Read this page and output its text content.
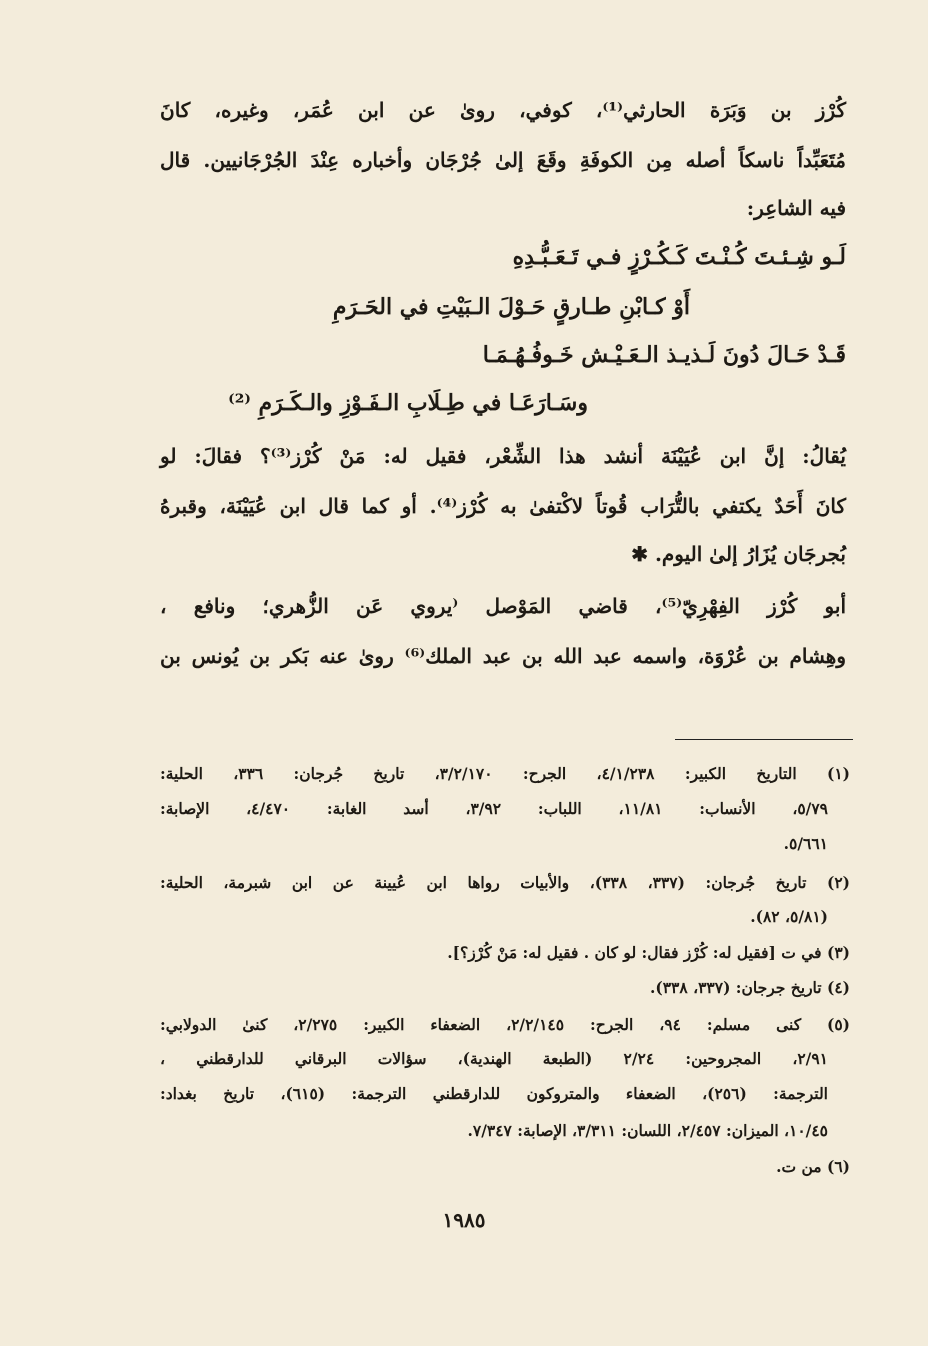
كُرْز بن وَبَرَة الحارثي⁽¹⁾، كوفي، روىٰ عن ابن عُمَر، وغيره، كانَ
مُتَعَبِّداً ناسكاً أصله مِن الكوفَةِ وقَعَ إلىٰ جُرْجَان وأخباره عِنْدَ الجُرْجَانيين. قال
فيه الشاعِر:
لَـو شِـئـتَ كُـنْـتَ كَـكُـرْزٍ فـي تَـعَـبُّـدِهِ
أَوْ كـابْنِ طـارقٍ حَـوْلَ الـبَيْتِ في الحَـرَمِ
قَـدْ حَـالَ دُونَ لَـذيـذ الـعَـيْـش خَـوفُـهُـمَـا
وسَـارَعَـا في طِـلَابِ الـفَـوْزِ والـكَـرَمِ ⁽²⁾
يُقالُ: إنَّ ابن عُيَيْنَة أنشد هذا الشِّعْر، فقيل له: مَنْ كُرْز⁽³⁾؟ فقالَ: لو
كانَ أَحَدٌ يكتفي بالتُّرَاب قُوتاً لاكْتفىٰ به كُرْز⁽⁴⁾. أو كما قال ابن عُيَيْنَة، وقبرهُ
بُجرجَان يُزَارُ إلىٰ اليوم. ✱
أبو كُرْز الفِهْرِيّ⁽⁵⁾، قاضي المَوْصل ⁽يروي عَن الزُّهري؛ ونافع ،
وهِشام بن عُرْوَة، واسمه عبد الله بن عبد الملك⁽⁶⁾ روىٰ عنه بَكر بن يُونس بن
(١) التاريخ الكبير: ٤/١/٢٣٨، الجرح: ٣/٢/١٧٠، تاريخ جُرجان: ٣٣٦، الحلية:
٥/٧٩، الأنساب: ١١/٨١، اللباب: ٣/٩٢، أسد الغابة: ٤/٤٧٠، الإصابة:
٥/٦٦١.
(٢) تاريخ جُرجان: (٣٣٧، ٣٣٨)، والأبيات رواها ابن عُيينة عن ابن شبرمة، الحلية:
(٥/٨١، ٨٢).
(٣) في ت [فقيل له: كُرْز فقال: لو كان . فقيل له: مَنْ كُرْز؟].
(٤) تاريخ جرجان: (٣٣٧، ٣٣٨).
(٥) كنى مسلم: ٩٤، الجرح: ٢/٢/١٤٥، الضعفاء الكبير: ٢/٢٧٥، كنىٰ الدولابي:
٢/٩١، المجروحين: ٢/٢٤ (الطبعة الهندية)، سؤالات البرقاني للدارقطني ،
الترجمة: (٢٥٦)، الضعفاء والمتروكون للدارقطني الترجمة: (٦١٥)، تاريخ بغداد:
١٠/٤٥، الميزان: ٢/٤٥٧، اللسان: ٣/٣١١، الإصابة: ٧/٣٤٧.
(٦) من ت.
١٩٨٥
